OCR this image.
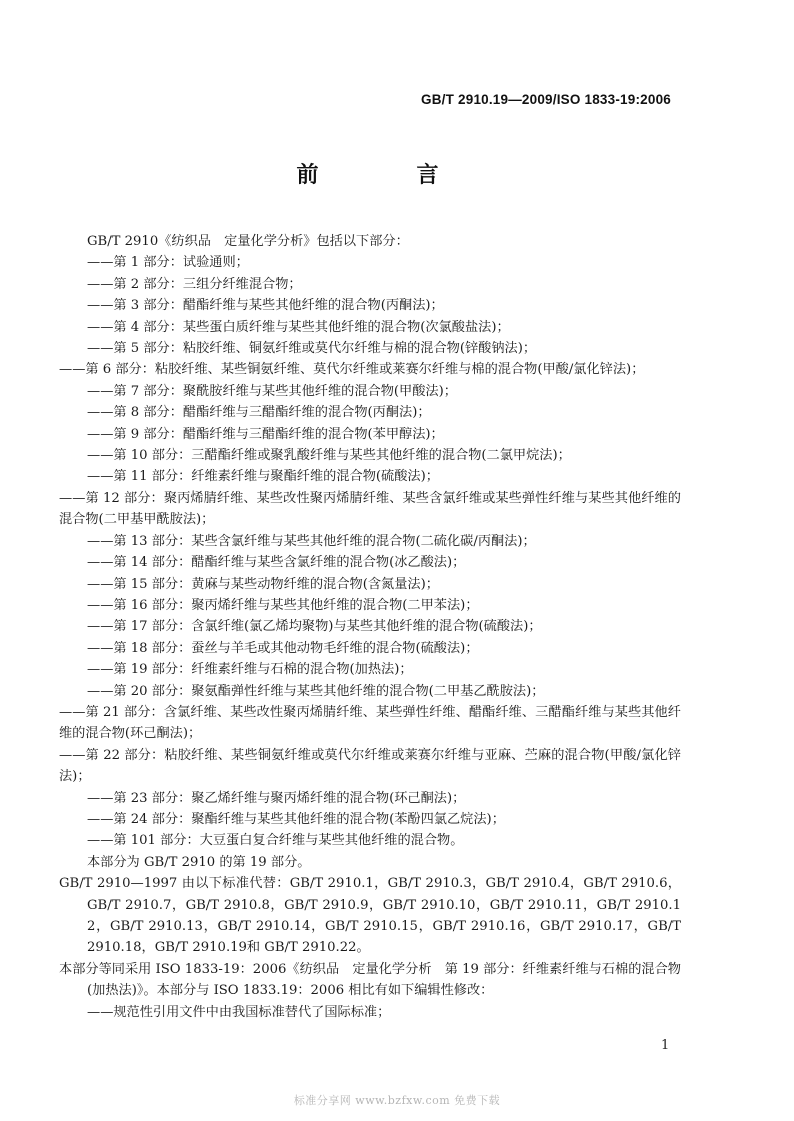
GB/T 2910.19—2009/ISO 1833-19:2006
前　言

GB/T 2910《纺织品　定量化学分析》包括以下部分：

——第 1 部分：试验通则；

——第 2 部分：三组分纤维混合物；

——第 3 部分：醋酯纤维与某些其他纤维的混合物(丙酮法)；

——第 4 部分：某些蛋白质纤维与某些其他纤维的混合物(次氯酸盐法)；

——第 5 部分：粘胶纤维、铜氨纤维或莫代尔纤维与棉的混合物(锌酸钠法)；

——第 6 部分：粘胶纤维、某些铜氨纤维、莫代尔纤维或莱赛尔纤维与棉的混合物(甲酸/氯化锌法)；

——第 7 部分：聚酰胺纤维与某些其他纤维的混合物(甲酸法)；

——第 8 部分：醋酯纤维与三醋酯纤维的混合物(丙酮法)；

——第 9 部分：醋酯纤维与三醋酯纤维的混合物(苯甲醇法)；

——第 10 部分：三醋酯纤维或聚乳酸纤维与某些其他纤维的混合物(二氯甲烷法)；

——第 11 部分：纤维素纤维与聚酯纤维的混合物(硫酸法)；

——第 12 部分：聚丙烯腈纤维、某些改性聚丙烯腈纤维、某些含氯纤维或某些弹性纤维与某些其他纤维的混合物(二甲基甲酰胺法)；

——第 13 部分：某些含氯纤维与某些其他纤维的混合物(二硫化碳/丙酮法)；

——第 14 部分：醋酯纤维与某些含氯纤维的混合物(冰乙酸法)；

——第 15 部分：黄麻与某些动物纤维的混合物(含氮量法)；

——第 16 部分：聚丙烯纤维与某些其他纤维的混合物(二甲苯法)；

——第 17 部分：含氯纤维(氯乙烯均聚物)与某些其他纤维的混合物(硫酸法)；

——第 18 部分：蚕丝与羊毛或其他动物毛纤维的混合物(硫酸法)；

——第 19 部分：纤维素纤维与石棉的混合物(加热法)；

——第 20 部分：聚氨酯弹性纤维与某些其他纤维的混合物(二甲基乙酰胺法)；

——第 21 部分：含氯纤维、某些改性聚丙烯腈纤维、某些弹性纤维、醋酯纤维、三醋酯纤维与某些其他纤维的混合物(环己酮法)；

——第 22 部分：粘胶纤维、某些铜氨纤维或莫代尔纤维或莱赛尔纤维与亚麻、苎麻的混合物(甲酸/氯化锌法)；

——第 23 部分：聚乙烯纤维与聚丙烯纤维的混合物(环己酮法)；

——第 24 部分：聚酯纤维与某些其他纤维的混合物(苯酚四氯乙烷法)；

——第 101 部分：大豆蛋白复合纤维与某些其他纤维的混合物。

本部分为 GB/T 2910 的第 19 部分。

GB/T 2910—1997 由以下标准代替：GB/T 2910.1，GB/T 2910.3，GB/T 2910.4，GB/T 2910.6，GB/T 2910.7，GB/T 2910.8，GB/T 2910.9，GB/T 2910.10，GB/T 2910.11，GB/T 2910.12，GB/T 2910.13，GB/T 2910.14，GB/T 2910.15，GB/T 2910.16，GB/T 2910.17，GB/T 2910.18，GB/T 2910.19和 GB/T 2910.22。

本部分等同采用 ISO 1833-19：2006《纺织品　定量化学分析　第 19 部分：纤维素纤维与石棉的混合物(加热法)》。本部分与 ISO 1833.19：2006 相比有如下编辑性修改：

——规范性引用文件中由我国标准替代了国际标准；

1
标准分享网 www.bzfxw.com 免费下载
